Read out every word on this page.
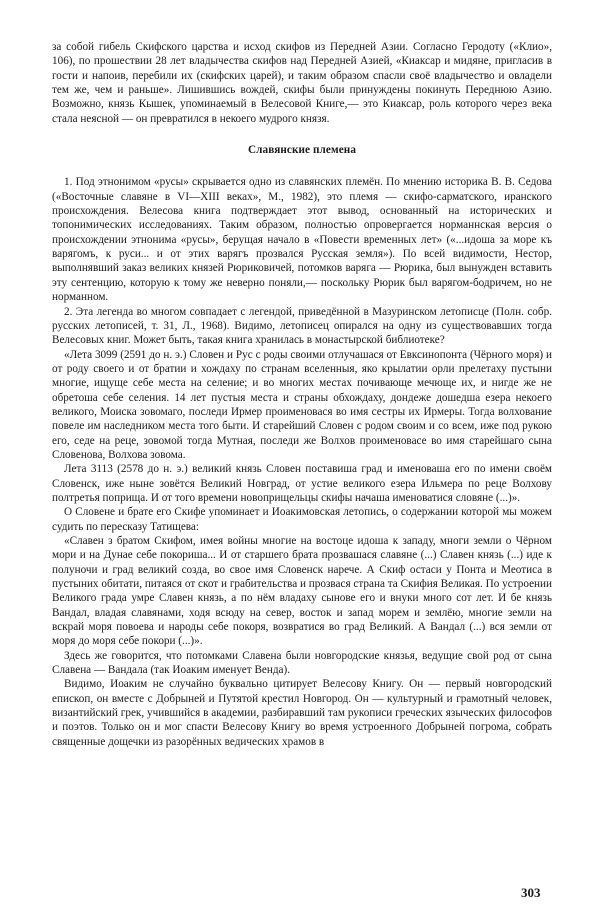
за собой гибель Скифского царства и исход скифов из Передней Азии. Согласно Геродоту («Клио», 106), по прошествии 28 лет владычества скифов над Передней Азией, «Киаксар и мидяне, пригласив в гости и напоив, перебили их (скифских царей), и таким образом спасли своё владычество и овладели тем же, чем и раньше». Лишившись вождей, скифы были принуждены покинуть Переднюю Азию. Возможно, князь Кышек, упоминаемый в Велесовой Книге,— это Киаксар, роль которого через века стала неясной — он превратился в некоего мудрого князя.

Славянские племена

1. Под этнонимом «русы» скрывается одно из славянских племён. По мнению историка В. В. Седова («Восточные славяне в VI—XIII веках», М., 1982), это племя — скифо-сарматского, иранского происхождения. Велесова книга подтверждает этот вывод, основанный на исторических и топонимических исследованиях. Таким образом, полностью опровергается норманнская версия о происхождении этнонима «русы», берущая начало в «Повести временных лет» («...идоша за море къ варягомъ, к руси... и от этих варягъ прозвался Русская земля»). По всей видимости, Нестор, выполнявший заказ великих князей Рюриковичей, потомков варяга — Рюрика, был вынужден вставить эту сентенцию, которую к тому же неверно поняли,— поскольку Рюрик был варягом-бодричем, но не норманном.

2. Эта легенда во многом совпадает с легендой, приведённой в Мазуринском летописце (Полн. собр. русских летописей, т. 31, Л., 1968). Видимо, летописец опирался на одну из существовавших тогда Велесовых книг. Может быть, такая книга хранилась в монастырской библиотеке?

«Лета 3099 (2591 до н. э.) Словен и Рус с роды своими отлучашася от Евксинопонта (Чёрного моря) и от роду своего и от братии и хождаху по странам вселенныя, яко крылатии орли прелетаху пустыни многие, ищуще себе места на селение; и во многих местах почивающе мечюще их, и нигде же не обретоша себе селения. 14 лет пустыя места и страны обхождаху, дондеже дошедша езера некоего великого, Моиска зовомаго, последи Ирмер проименовася во имя сестры их Ирмеры. Тогда волхование повеле им наследником места того быти. И старейший Словен с родом своим и со всем, иже под рукою его, седе на реце, зовомой тогда Мутная, последи же Волхов проименовасе во имя старейшаго сына Словенова, Волхова зовома.

Лета 3113 (2578 до н. э.) великий князь Словен поставиша град и именоваша его по имени своём Словенск, иже ныне зовётся Великий Новград, от устие великого езера Ильмера по реце Волхову полтретья поприща. И от того времени новоприщельцы скифы начаша именоватися словяне (...)».

О Словене и брате его Скифе упоминает и Иоакимовская летопись, о содержании которой мы можем судить по пересказу Татищева:

«Славен з братом Скифом, имея войны многие на востоце идоша к западу, многи земли о Чёрном мори и на Дунае себе покориша... И от старшего брата прозвашася славяне (...) Славен князь (...) иде к полуночи и град великий созда, во свое имя Словенск нарече. А Скиф остаси у Понта и Меотиса в пустыних обитати, питаяся от скот и грабительства и прозвася страна та Скифия Великая. По устроении Великого града умре Славен князь, а по нём владаху сынове его и внуки много сот лет. И бе князь Вандал, владая славянами, ходя всюду на север, восток и запад морем и землёю, многие земли на вскрай моря повоева и народы себе покоря, возвратися во град Великий. А Вандал (...) вся земли от моря до моря себе покори (...)».

Здесь же говорится, что потомками Славена были новгородские князья, ведущие свой род от сына Славена — Вандала (так Иоаким именует Венда).

Видимо, Иоаким не случайно буквально цитирует Велесову Книгу. Он — первый новгородский епископ, он вместе с Добрыней и Путятой крестил Новгород. Он — культурный и грамотный человек, византийский грек, учившийся в академии, разбиравший там рукописи греческих языческих философов и поэтов. Только он и мог спасти Велесову Книгу во время устроенного Добрыней погрома, собрать священные дощечки из разорённых ведических храмов в

303
